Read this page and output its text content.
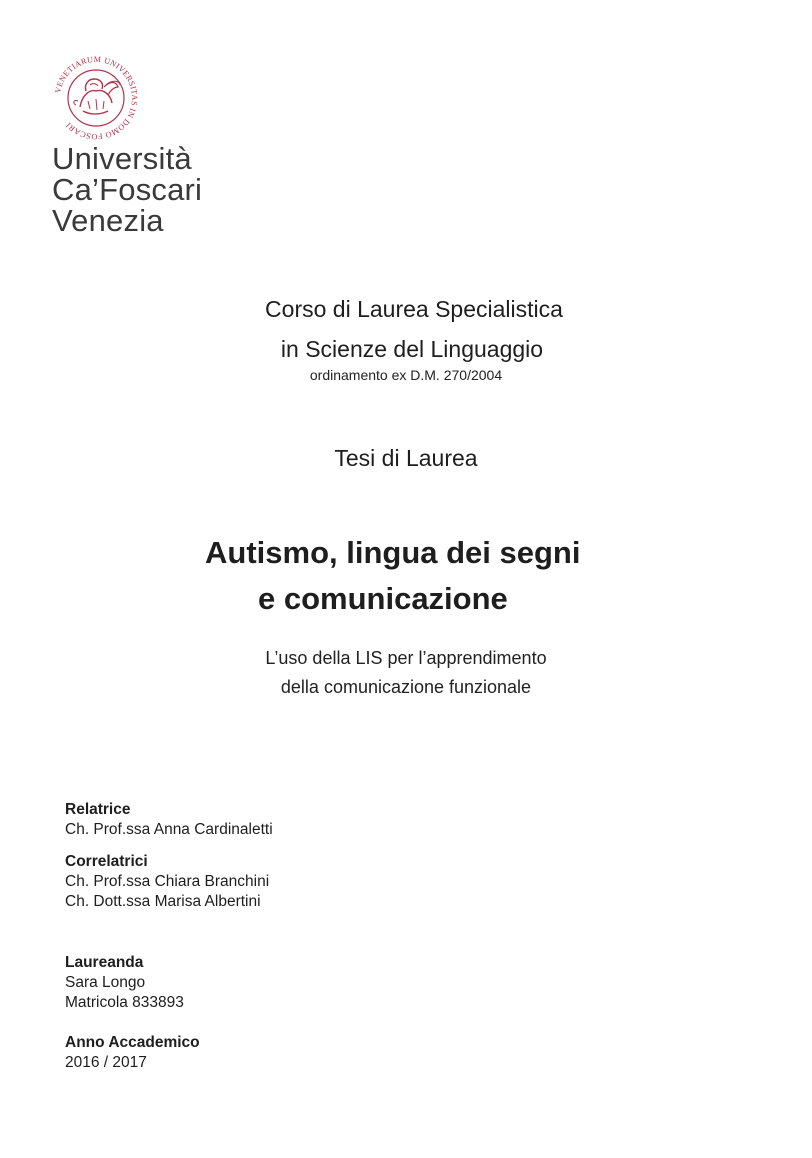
VENETIARUM UNIVERSITAS IN DOMO FOSCARI
Università
Ca’Foscari
Venezia
Corso di Laurea Specialistica
in Scienze del Linguaggio
ordinamento ex D.M. 270/2004
Tesi di Laurea
Autismo, lingua dei segni
e comunicazione
L’uso della LIS per l’apprendimento
della comunicazione funzionale
Relatrice
Ch. Prof.ssa Anna Cardinaletti
Correlatrici
Ch. Prof.ssa Chiara Branchini
Ch. Dott.ssa Marisa Albertini
Laureanda
Sara Longo
Matricola 833893
Anno Accademico
2016 / 2017
